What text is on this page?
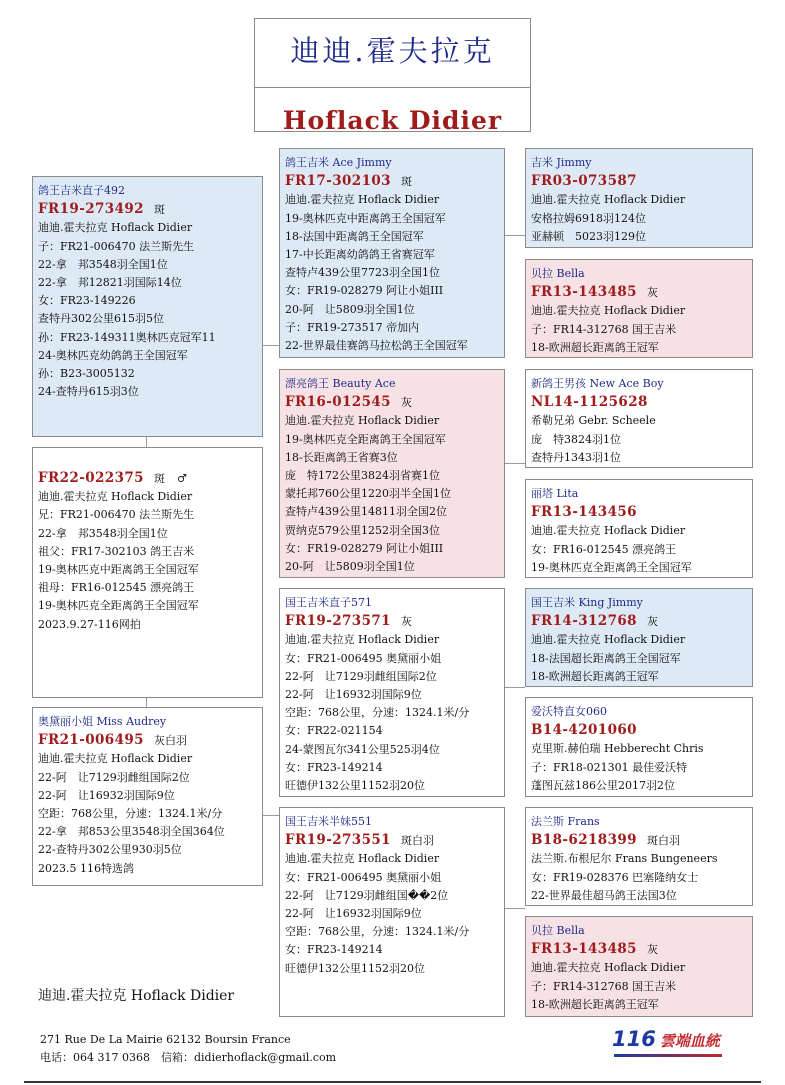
迪迪.霍夫拉克
Hoflack Didier
鸽王吉米直子492
FR19-273492 斑
迪迪.霍夫拉克 Hoflack Didier
子：FR21-006470 法兰斯先生
22-拿　邦3548羽全国1位
22-拿　邦12821羽国际14位
女：FR23-149226
查特丹302公里615羽5位
孙：FR23-149311奥林匹克冠军11
24-奥林匹克幼鸽鸽王全国冠军
孙：B23-3005132
24-查特丹615羽3位
FR22-022375 斑 ♂
迪迪.霍夫拉克 Hoflack Didier
兄：FR21-006470 法兰斯先生
22-拿　邦3548羽全国1位
祖父：FR17-302103 鸽王吉米
19-奥林匹克中距离鸽王全国冠军
祖母：FR16-012545 漂亮鸽王
19-奥林匹克全距离鸽王全国冠军
2023.9.27-116网拍
奥黛丽小姐 Miss Audrey
FR21-006495 灰白羽
迪迪.霍夫拉克 Hoflack Didier
22-阿　让7129羽雌组国际2位
22-阿　让16932羽国际9位
空距：768公里，分速：1324.1米/分
22-拿　邦853公里3548羽全国364位
22-查特丹302公里930羽5位
2023.5 116特选鸽
迪迪.霍夫拉克 Hoflack Didier
鸽王吉米 Ace Jimmy
FR17-302103 斑
迪迪.霍夫拉克 Hoflack Didier
19-奥林匹克中距离鸽王全国冠军
18-法国中距离鸽王全国冠军
17-中长距离幼鸽鸽王省赛冠军
查特卢439公里7723羽全国1位
女：FR19-028279 阿让小姐III
20-阿　让5809羽全国1位
子：FR19-273517 帝加内
22-世界最佳赛鸽马拉松鸽王全国冠军
漂亮鸽王 Beauty Ace
FR16-012545 灰
迪迪.霍夫拉克 Hoflack Didier
19-奥林匹克全距离鸽王全国冠军
18-长距离鸽王省赛3位
庞　特172公里3824羽省赛1位
蒙托邦760公里1220羽半全国1位
查特卢439公里14811羽全国2位
贾纳克579公里1252羽全国3位
女：FR19-028279 阿让小姐III
20-阿　让5809羽全国1位
国王吉米直子571
FR19-273571 灰
迪迪.霍夫拉克 Hoflack Didier
女：FR21-006495 奥黛丽小姐
22-阿　让7129羽雌组国际2位
22-阿　让16932羽国际9位
空距：768公里，分速：1324.1米/分
女：FR22-021154
24-蒙图瓦尔341公里525羽4位
女：FR23-149214
旺德伊132公里1152羽20位
国王吉米半妹551
FR19-273551 斑白羽
迪迪.霍夫拉克 Hoflack Didier
女：FR21-006495 奥黛丽小姐
22-阿　让7129羽雌组国��2位
22-阿　让16932羽国际9位
空距：768公里，分速：1324.1米/分
女：FR23-149214
旺德伊132公里1152羽20位
吉米 Jimmy
FR03-073587
迪迪.霍夫拉克 Hoflack Didier
安格拉姆6918羽124位
亚赫顿　5023羽129位
贝拉 Bella
FR13-143485 灰
迪迪.霍夫拉克 Hoflack Didier
子：FR14-312768 国王吉米
18-欧洲超长距离鸽王冠军
新鸽王男孩 New Ace Boy
NL14-1125628
希勒兄弟 Gebr. Scheele
庞　特3824羽1位
查特丹1343羽1位
丽塔 Lita
FR13-143456
迪迪.霍夫拉克 Hoflack Didier
女：FR16-012545 漂亮鸽王
19-奥林匹克全距离鸽王全国冠军
国王吉米 King Jimmy
FR14-312768 灰
迪迪.霍夫拉克 Hoflack Didier
18-法国超长距离鸽王全国冠军
18-欧洲超长距离鸽王冠军
爱沃特直女060
B14-4201060
克里斯.赫伯瑞 Hebberecht Chris
子：FR18-021301 最佳爱沃特
蓬图瓦兹186公里2017羽2位
法兰斯 Frans
B18-6218399 斑白羽
法兰斯.布根尼尔 Frans Bungeneers
女：FR19-028376 巴塞隆纳女士
22-世界最佳超马鸽王法国3位
贝拉 Bella
FR13-143485 灰
迪迪.霍夫拉克 Hoflack Didier
子：FR14-312768 国王吉米
18-欧洲超长距离鸽王冠军
271 Rue De La Mairie 62132 Boursin France
电话：064 317 0368　信箱：didierhoflack@gmail.com
116 雲端血統
